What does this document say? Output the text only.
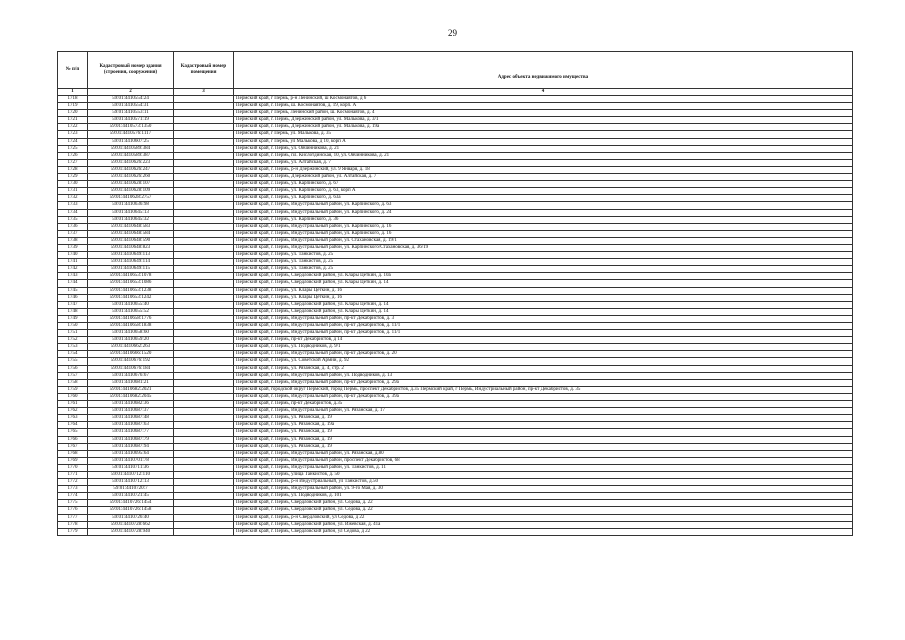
29
№ п/п	Кадастровый номер здания (строения, сооружения)	Кадастровый номер помещения	Адрес объекта недвижимого имущества

1	2	3	4
1718	59:01:4410554:24		Пермский край, г Пермь, р-н Ленинский, ш Космонавтов, д 6
1719	59:01:4410554:31		Пермский край, г. Пермь, ш. Космонавтов, д. 19, корп. А
1720	59:01:4410553:11		Пермский край, г Пермь, Ленинский район, ш. Космонавтов, д. 4
1721	59:01:4410571:19		Пермский край, г. Пермь, Дзержинский район, ул. Малькова, д. 3/1
1722	59:01:4410573:1350		Пермский край, г. Пермь, Дзержинский район, ул. Малькова, д. 19а
1723	59:01:4410576:1117		Пермский край, г Пермь, ул. Малькова, д. 35
1724	59:01:4410607:25		Пермский край, г Пермь, ул Малькова, д 10, корп А
1725	59:01:4410589:384		Пермский край, г. Пермь, ул. Овчинникова, д. 21
1726	59:01:4410589:387		Пермский край, г. Пермь, пл. Кислотдинская, 10, ул. Овчинникова, д. 21
1727	59:01:4410626:223		Пермский край, г. Пермь, ул. Алтайская, д. 7
1728	59:01:4410626:247		Пермский край, г. Пермь, р-н Дзержинский, ул. 9 Января, д. 18
1729	59:01:4410626:260		Пермский край, г. Пермь, Дзержинский район, ул. Алтайская, д. 7
1730	59:01:4410628:107		Пермский край, г. Пермь, ул. Карпинского, д. 67
1731	59:01:4410628:109		Пермский край, г. Пермь, ул. Карпинского, д. 63, корп А
1732	59:01:4410628:2757		Пермский край, г. Пермь, ул. Карпинского, д. 63а
1733	59:01:4410636:98		Пермский край, г. Пермь, Индустриальный район, ул. Карпинского, д. 63
1734	59:01:4410645:13		Пермский край, г. Пермь, Индустриальный район, ул. Карпинского, д. 24
1735	59:01:4410645:32		Пермский край, г. Пермь, ул. Карпинского, д. 36
1736	59:01:4410648:583		Пермский край, г. Пермь, Индустриальный район, ул. Карпинского, д. 16
1737	59:01:4410648:584		Пермский край, г. Пермь, Индустриальный район, ул. Карпинского, д. 16
1738	59:01:4410648:590		Пермский край, г. Пермь, Индустриальный район, ул. Стахановская, д. 19/1
1739	59:01:4410648:823		Пермский край, г. Пермь, Индустриальный район, ул. Карпинского/Стахановская, д. 36/19
1740	59:01:4410649:113		Пермский край, г. Пермь, ул. Танкистов, д. 25
1741	59:01:4410649:114		Пермский край, г. Пермь, ул. Танкистов, д. 25
1742	59:01:4410649:115		Пермский край, г. Пермь, ул. Танкистов, д. 25
1743	59:01:4410653:1078		Пермский край, г. Пермь, Свердловский район, ул. Клары Цеткин, д. 10а
1744	59:01:4410653:1086		Пермский край, г. Пермь, Свердловский район, ул. Клары Цеткин, д. 14
1745	59:01:4410653:1238		Пермский край, г. Пермь, ул. Клары Цеткин, д. 16
1746	59:01:4410653:1242		Пермский край, г. Пермь, ул. Клары Цеткин, д. 16
1747	59:01:4410655:40		Пермский край, г. Пермь, Свердловский район, ул. Клары Цеткин, д. 14
1748	59:01:4410655:52		Пермский край, г. Пермь, Свердловский район, ул. Клары Цеткин, д. 14
1749	59:01:4410658:1776		Пермский край, г. Пермь, Индустриальный район, пр-кт Декабристов, д. 3
1750	59:01:4410658:1838		Пермский край, г. Пермь, Индустриальный район, пр-кт Декабристов, д. 11/1
1751	59:01:4410658:60		Пермский край, г. Пермь, Индустриальный район, пр-кт Декабристов, д. 11/1
1752	59:01:4410659:20		Пермский край, г. Пермь, пр-кт Декабристов, д 14
1753	59:01:4410662:263		Пермский край, г. Пермь, ул. Подводников, д. 9/1
1754	59:01:4410666:1520		Пермский край, г. Пермь, Индустриальный район, пр-кт Декабристов, д. 20
1755	59:01:4410676:192		Пермский край, г. Пермь, ул. Советской Армии, д. 92
1756	59:01:4410676:184		Пермский край, г. Пермь, ул. Рязанская, д. 4, стр. 2
1757	59:01:4410676:67		Пермский край, г. Пермь, Индустриальный район, ул. Подводников, д. 13
1758	59:01:4410681:21		Пермский край, г. Пермь, Индустриальный район, пр-кт Декабристов, д. 29а
1759	59:01:4410682:2021		Пермский край, городской округ Пермский, город Пермь, проспект Декабристов, д.35 Пермский край, г Пермь, Индустриальный район, пр-кт Декабристов, д. 35
1760	59:01:4410682:2045		Пермский край, г. Пермь, Индустриальный район, пр-кт Декабристов, д. 39а
1761	59:01:4410682:36		Пермский край, г. Пермь, пр-кт Декабристов, д.35
1762	59:01:4410687:37		Пермский край, г. Пермь, Индустриальный район, ул. Рязанская, д. 17
1763	59:01:4410687:48		Пермский край, г. Пермь, ул. Рязанская, д. 19
1764	59:01:4410687:63		Пермский край, г. Пермь, ул. Рязанская, д. 19а
1765	59:01:4410687:77		Пермский край, г. Пермь, ул. Рязанская, д. 19
1766	59:01:4410687:79		Пермский край, г. Пермь, ул. Рязанская, д. 19
1767	59:01:4410687:94		Пермский край, г. Пермь, ул. Рязанская, д. 19
1768	59:01:4410695:64		Пермский край, г. Пермь, Индустриальный район, ул. Рязанская, д.80
1769	59:01:4410701:78		Пермский край, г. Пермь, Индустриальный район, проспект Декабристов, 68
1770	59:01:4410711:36		Пермский край, г. Пермь, Индустриальный район, ул. Танкистов, д. 11
1771	59:01:4410712:110		Пермский край, г. Пермь, улица Танкистов, д. 50
1772	59:01:4410712:13		Пермский край, г. Пермь, р-н Индустриальный, ул Танкистов, д.50
1773	59:01:4410720:7		Пермский край, г. Пермь, Индустриальный район, ул. 9-го Мая, д. 30
1774	59:01:4410721:45		Пермский край, г. Пермь, ул. Подводников, д. 101
1775	59:01:4410726:1454		Пермский край, г. Пермь, Свердловский район, ул. Седова, д. 22
1776	59:01:4410726:1458		Пермский край, г. Пермь, Свердловский район, ул. Седова, д. 22
1777	59:01:4410726:40		Пермский край, г. Пермь, р-н Свердловский, ул Седова, д 22
1778	59:01:4410728:662		Пермский край, г. Пермь, Свердловский район, ул. Ижевская, д. 41а
1779	59:01:4410728:940		Пермский край, г. Пермь, Свердловский район, ул Седова, д 22
